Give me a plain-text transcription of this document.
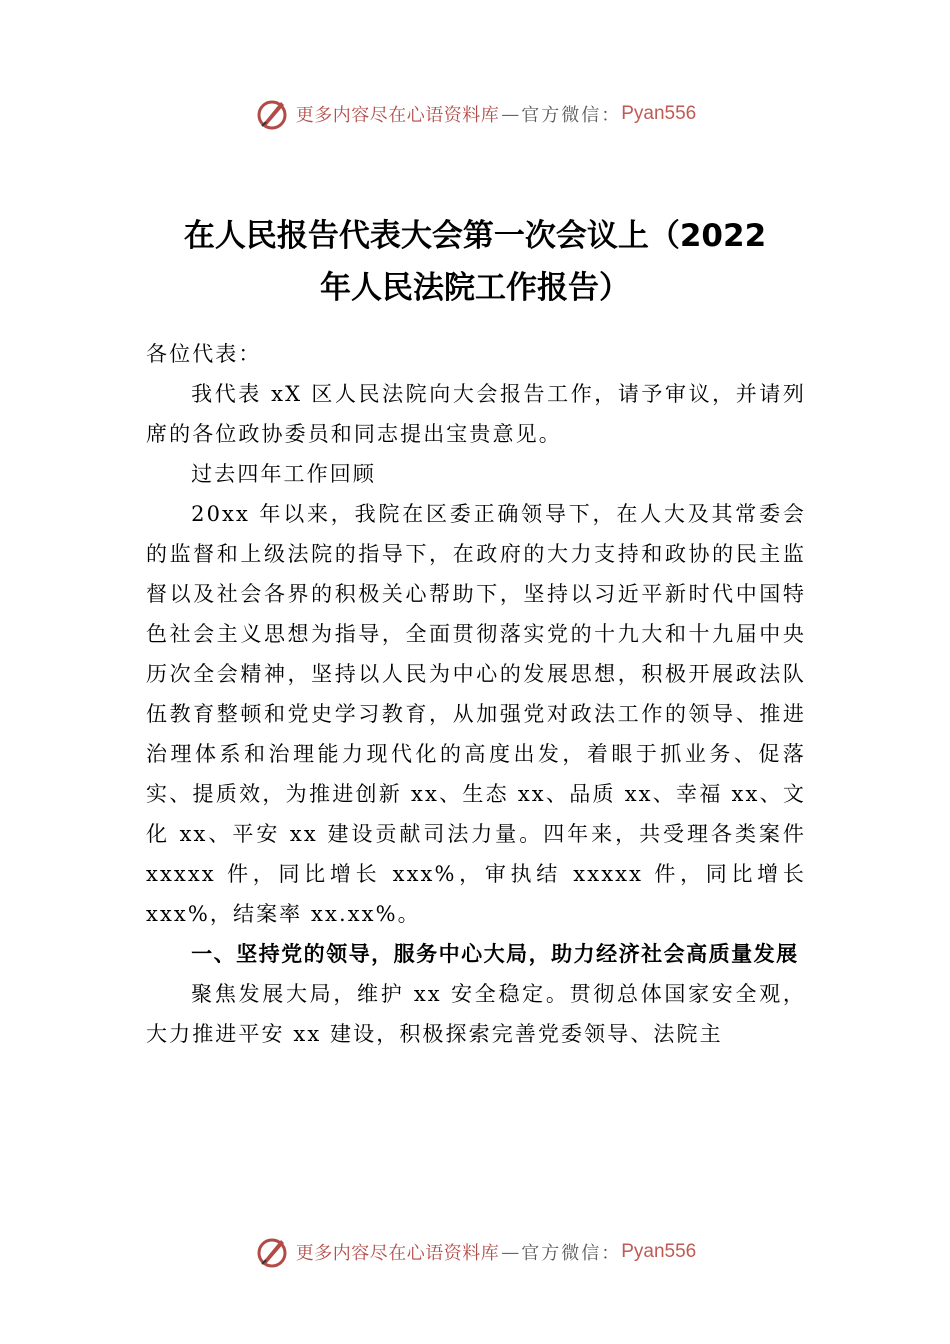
更多内容尽在心语资料库 — 官方微信： Pyan556
在人民报告代表大会第一次会议上（2022
年人民法院工作报告）

各位代表：

我代表 xX 区人民法院向大会报告工作，请予审议，并请列席的各位政协委员和同志提出宝贵意见。

过去四年工作回顾

20xx 年以来，我院在区委正确领导下，在人大及其常委会的监督和上级法院的指导下，在政府的大力支持和政协的民主监督以及社会各界的积极关心帮助下，坚持以习近平新时代中国特色社会主义思想为指导，全面贯彻落实党的十九大和十九届中央历次全会精神，坚持以人民为中心的发展思想，积极开展政法队伍教育整顿和党史学习教育，从加强党对政法工作的领导、推进治理体系和治理能力现代化的高度出发，着眼于抓业务、促落实、提质效，为推进创新 xx、生态 xx、品质 xx、幸福 xx、文化 xx、平安 xx 建设贡献司法力量。四年来，共受理各类案件 xxxxx 件，同比增长 xxx%，审执结 xxxxx 件，同比增长 xxx%，结案率 xx.xx%。

一、坚持党的领导，服务中心大局，助力经济社会高质量发展

聚焦发展大局，维护 xx 安全稳定。贯彻总体国家安全观，大力推进平安 xx 建设，积极探索完善党委领导、法院主

更多内容尽在心语资料库 — 官方微信： Pyan556
